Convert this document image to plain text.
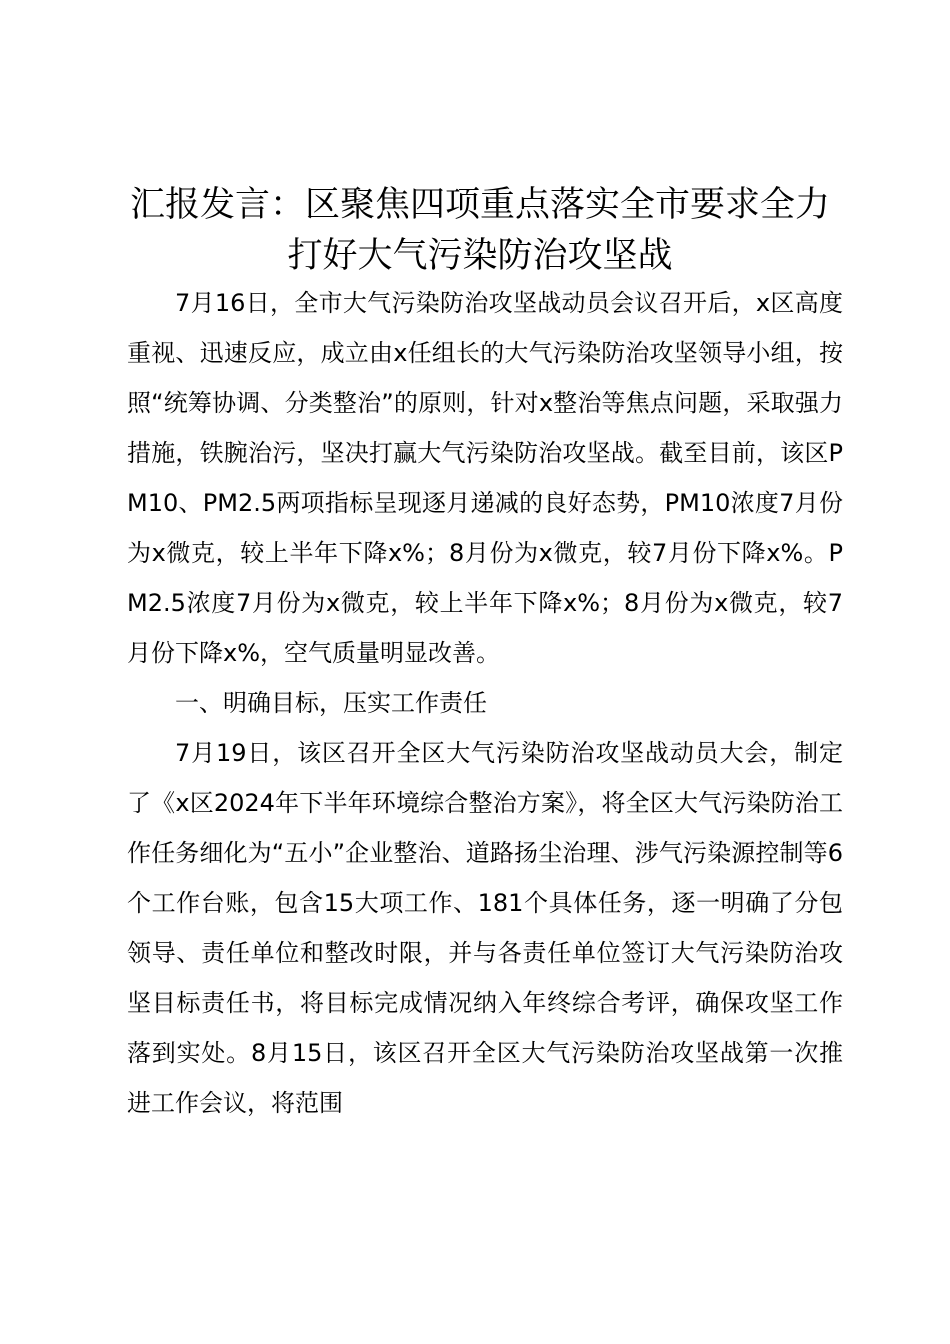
汇报发言：区聚焦四项重点落实全市要求全力
打好大气污染防治攻坚战

7月16日，全市大气污染防治攻坚战动员会议召开后，x区高度重视、迅速反应，成立由x任组长的大气污染防治攻坚领导小组，按照“统筹协调、分类整治”的原则，针对x整治等焦点问题，采取强力措施，铁腕治污，坚决打赢大气污染防治攻坚战。截至目前，该区PM10、PM2.5两项指标呈现逐月递减的良好态势，PM10浓度7月份为x微克，较上半年下降x%；8月份为x微克，较7月份下降x%。PM2.5浓度7月份为x微克，较上半年下降x%；8月份为x微克，较7月份下降x%，空气质量明显改善。

一、明确目标，压实工作责任

7月19日，该区召开全区大气污染防治攻坚战动员大会，制定了《x区2024年下半年环境综合整治方案》，将全区大气污染防治工作任务细化为“五小”企业整治、道路扬尘治理、涉气污染源控制等6个工作台账，包含15大项工作、181个具体任务，逐一明确了分包领导、责任单位和整改时限，并与各责任单位签订大气污染防治攻坚目标责任书，将目标完成情况纳入年终综合考评，确保攻坚工作落到实处。8月15日，该区召开全区大气污染防治攻坚战第一次推进工作会议，将范围
